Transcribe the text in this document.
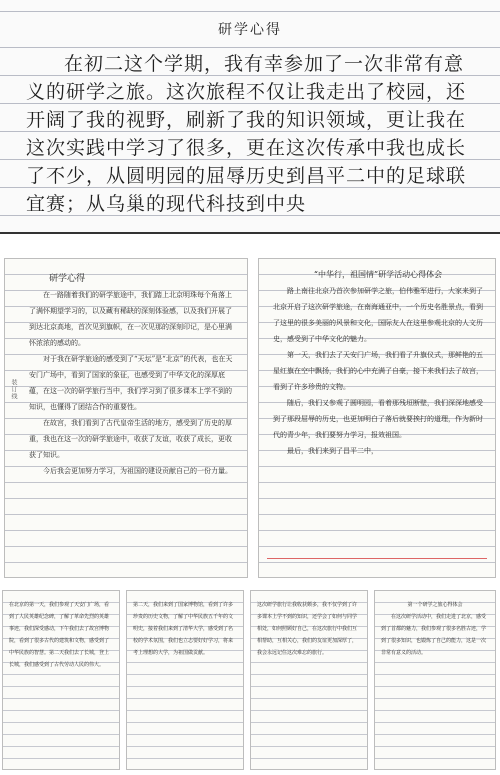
研学心得
在初二这个学期，我有幸参加了一次非常有意义的研学之旅。这次旅程不仅让我走出了校园，还开阔了我的视野，刷新了我的知识领域，更让我在这次实践中学习了很多，更在这次传承中我也成长了不少，从圆明园的屈辱历史到昌平二中的足球联宜赛；从乌巢的现代科技到中央
装订线
研学心得
在一路随着我们的研学旅途中，我们踏上北京明珠每个角落上了满怀期望学习的，以及藏有稀缺的深刻体验感，以及我们开展了到达北京高地，首次见到旗帜，在一次见那的深刻印记，是心里满怀浓浓的感动的。
对于我在研学旅途的感受到了“天坛”是“北京”的代表，也在天安门广场中，看到了国家的象征，也感受到了中华文化的深厚底蕴，在这一次的研学旅行当中，我们学习到了很多课本上学不到的知识，也懂得了团结合作的重要性。
在故宫，我们看到了古代皇帝生活的地方，感受到了历史的厚重，我也在这一次的研学旅途中，收获了友谊，收获了成长，更收获了知识。
今后我会更加努力学习，为祖国的建设贡献自己的一份力量。
“中华行，祖国情”研学活动心得体会
路上南往北京乃首次参加研学之旅，伯伟雅军进行，大家来到了北京开启了这次研学旅途，在南海通亚中，一个历史名胜景点，看到了这里的很多美丽的风景和文化，国际友人在这里参观北京的人文历史，感受到了中华文化的魅力。
第一天，我们去了天安门广场，我们看了升旗仪式，那鲜艳的五星红旗在空中飘扬，我们的心中充满了自豪，接下来我们去了故宫，看到了许多珍贵的文物。
随后，我们又参观了圆明园，看着那残垣断壁，我们深深地感受到了那段屈辱的历史，也更加明白了落后就要挨打的道理，作为新时代的青少年，我们要努力学习，报效祖国。
最后，我们来到了昌平二中，
在北京的第一天，我们参观了天安门广场，看到了人民英雄纪念碑，了解了革命先烈的英雄事迹，我们深受感动，下午我们去了故宫博物院，看到了很多古代的建筑和文物，感受到了中华民族的智慧。第二天我们去了长城，登上长城，我们感受到了古代劳动人民的伟大。
第二天，我们来到了国家博物馆，看到了许多珍贵的历史文物，了解了中华民族五千年的文明史，接着我们来到了清华大学，感受到了名校的学术氛围，我们也立志要好好学习，将来考上理想的大学，为祖国做贡献。
这次研学旅行让我收获颇多，我不仅学到了许多课本上学不到的知识，还学会了如何与同学相处，如何照顾好自己，在这次旅行中我们互相帮助，互相关心，我们的友谊更加深厚了，我会永远记住这次难忘的旅行。
第一个研学之旅心得体会
在这次研学活动中，我们走进了北京，感受到了首都的魅力，我们参观了很多名胜古迹，学到了很多知识，也锻炼了自己的能力，这是一次非常有意义的活动。
